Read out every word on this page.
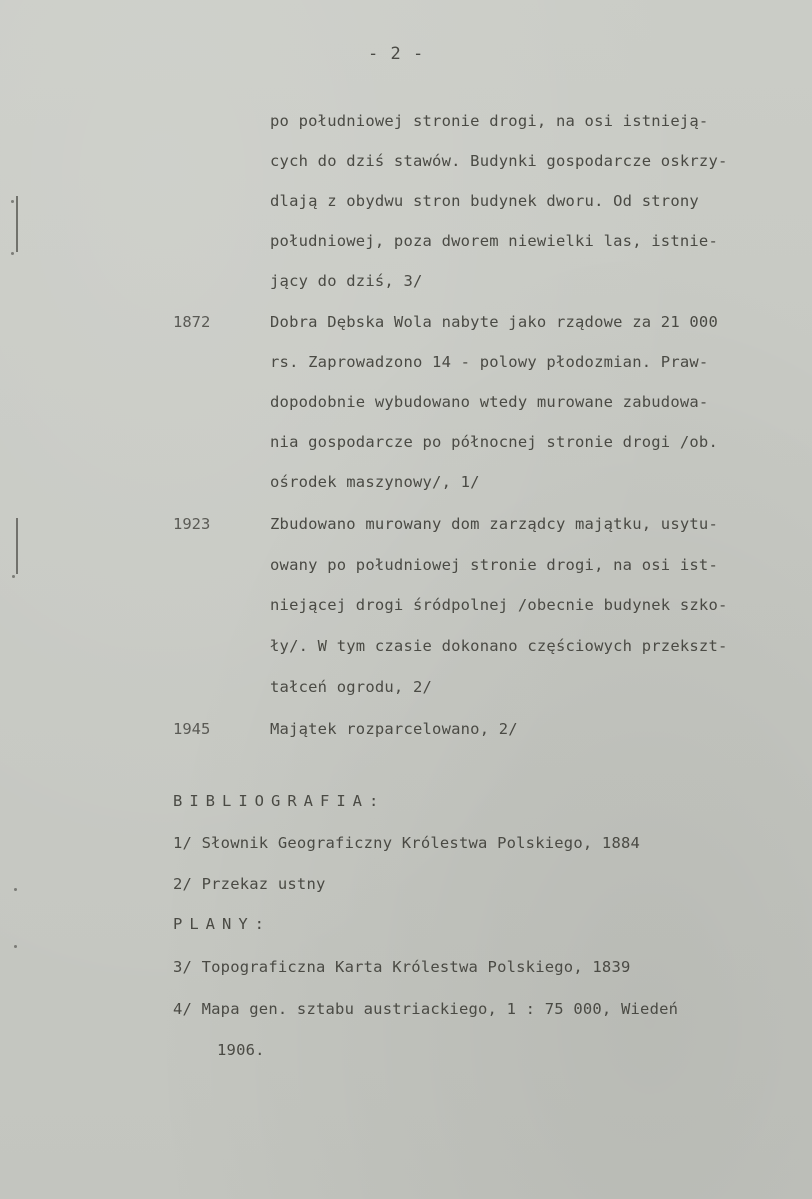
- 2 -
po południowej stronie drogi, na osi istnieją-
cych do dziś stawów. Budynki gospodarcze oskrzy-
dlają z obydwu stron budynek dworu. Od strony
południowej, poza dworem niewielki las, istnie-
jący do dziś, 3/
1872	Dobra Dębska Wola nabyte jako rządowe za 21 000
rs. Zaprowadzono 14 - polowy płodozmian. Praw-
dopodobnie wybudowano wtedy murowane zabudowa-
nia gospodarcze po północnej stronie drogi /ob.
ośrodek maszynowy/, 1/
1923	Zbudowano murowany dom zarządcy majątku, usytu-
owany po południowej stronie drogi, na osi ist-
niejącej drogi śródpolnej /obecnie budynek szko-
ły/. W tym czasie dokonano częściowych przekszt-
tałceń ogrodu, 2/
1945	Majątek rozparcelowano, 2/
BIBLIOGRAFIA:
1/ Słownik Geograficzny Królestwa Polskiego, 1884
2/ Przekaz ustny
PLANY:
3/ Topograficzna Karta Królestwa Polskiego, 1839
4/ Mapa gen. sztabu austriackiego, 1 : 75 000, Wiedeń
1906.
